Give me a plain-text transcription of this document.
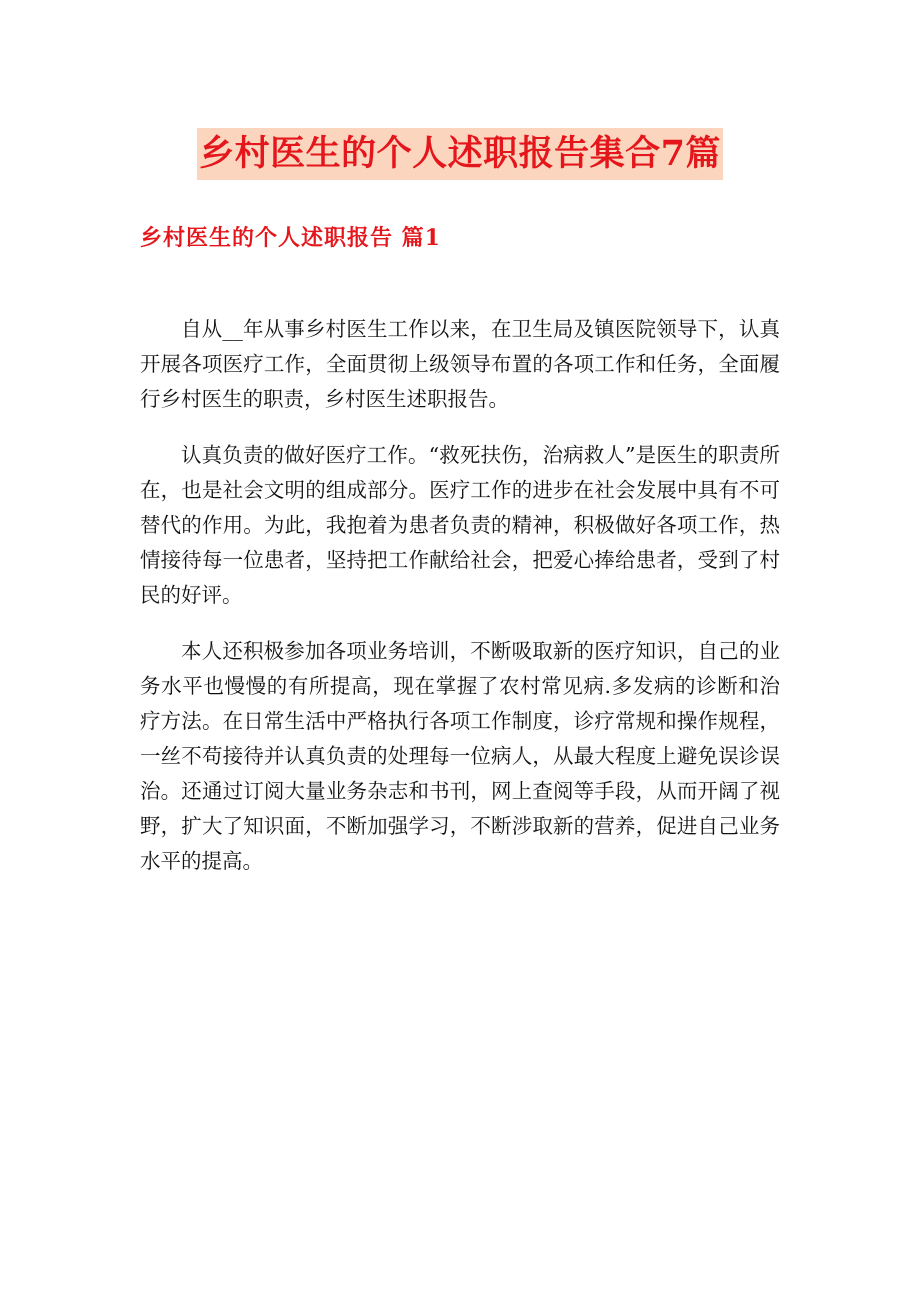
乡村医生的个人述职报告集合7篇
乡村医生的个人述职报告 篇1

自从__年从事乡村医生工作以来，在卫生局及镇医院领导下，认真开展各项医疗工作，全面贯彻上级领导布置的各项工作和任务，全面履行乡村医生的职责，乡村医生述职报告。

认真负责的做好医疗工作。“救死扶伤，治病救人”是医生的职责所在，也是社会文明的组成部分。医疗工作的进步在社会发展中具有不可替代的作用。为此，我抱着为患者负责的精神，积极做好各项工作，热情接待每一位患者，坚持把工作献给社会，把爱心捧给患者，受到了村民的好评。

本人还积极参加各项业务培训，不断吸取新的医疗知识，自己的业务水平也慢慢的有所提高，现在掌握了农村常见病.多发病的诊断和治疗方法。在日常生活中严格执行各项工作制度，诊疗常规和操作规程，一丝不苟接待并认真负责的处理每一位病人，从最大程度上避免误诊误治。还通过订阅大量业务杂志和书刊，网上查阅等手段，从而开阔了视野，扩大了知识面，不断加强学习，不断涉取新的营养，促进自己业务水平的提高。
